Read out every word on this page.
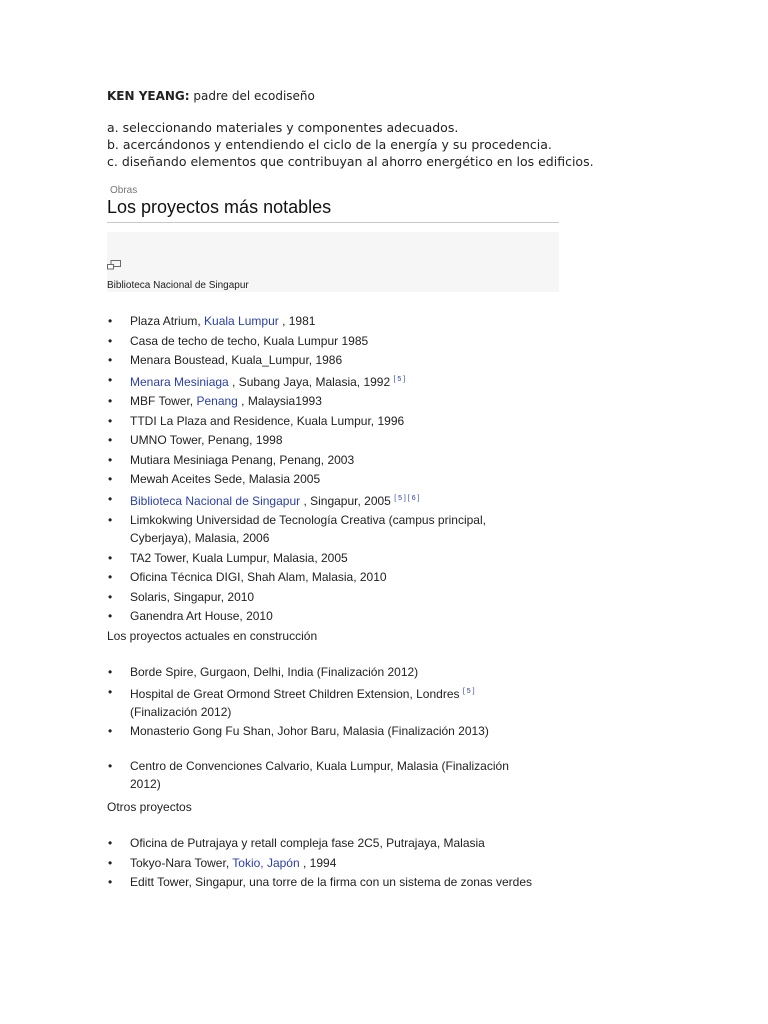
KEN YEANG: padre del ecodiseño
a. seleccionando materiales y componentes adecuados.
b. acercándonos y entendiendo el ciclo de la energía y su procedencia.
c. diseñando elementos que contribuyan al ahorro energético en los edificios.
Obras
Los proyectos más notables
Biblioteca Nacional de Singapur
• Plaza Atrium, Kuala Lumpur , 1981
• Casa de techo de techo, Kuala Lumpur 1985
• Menara Boustead, Kuala_Lumpur, 1986
• Menara Mesiniaga , Subang Jaya, Malasia, 1992 [ 5 ]
• MBF Tower, Penang , Malaysia1993
• TTDI La Plaza and Residence, Kuala Lumpur, 1996
• UMNO Tower, Penang, 1998
• Mutiara Mesiniaga Penang, Penang, 2003
• Mewah Aceites Sede, Malasia 2005
• Biblioteca Nacional de Singapur , Singapur, 2005 [ 5 ] [ 6 ]
• Limkokwing Universidad de Tecnología Creativa (campus principal, Cyberjaya), Malasia, 2006
• TA2 Tower, Kuala Lumpur, Malasia, 2005
• Oficina Técnica DIGI, Shah Alam, Malasia, 2010
• Solaris, Singapur, 2010
• Ganendra Art House, 2010
Los proyectos actuales en construcción
• Borde Spire, Gurgaon, Delhi, India (Finalización 2012)
• Hospital de Great Ormond Street Children Extension, Londres [ 5 ] (Finalización 2012)
• Monasterio Gong Fu Shan, Johor Baru, Malasia (Finalización 2013)
• Centro de Convenciones Calvario, Kuala Lumpur, Malasia (Finalización 2012)
Otros proyectos
• Oficina de Putrajaya y retall compleja fase 2C5, Putrajaya, Malasia
• Tokyo-Nara Tower, Tokio, Japón , 1994
• Editt Tower, Singapur, una torre de la firma con un sistema de zonas verdes
